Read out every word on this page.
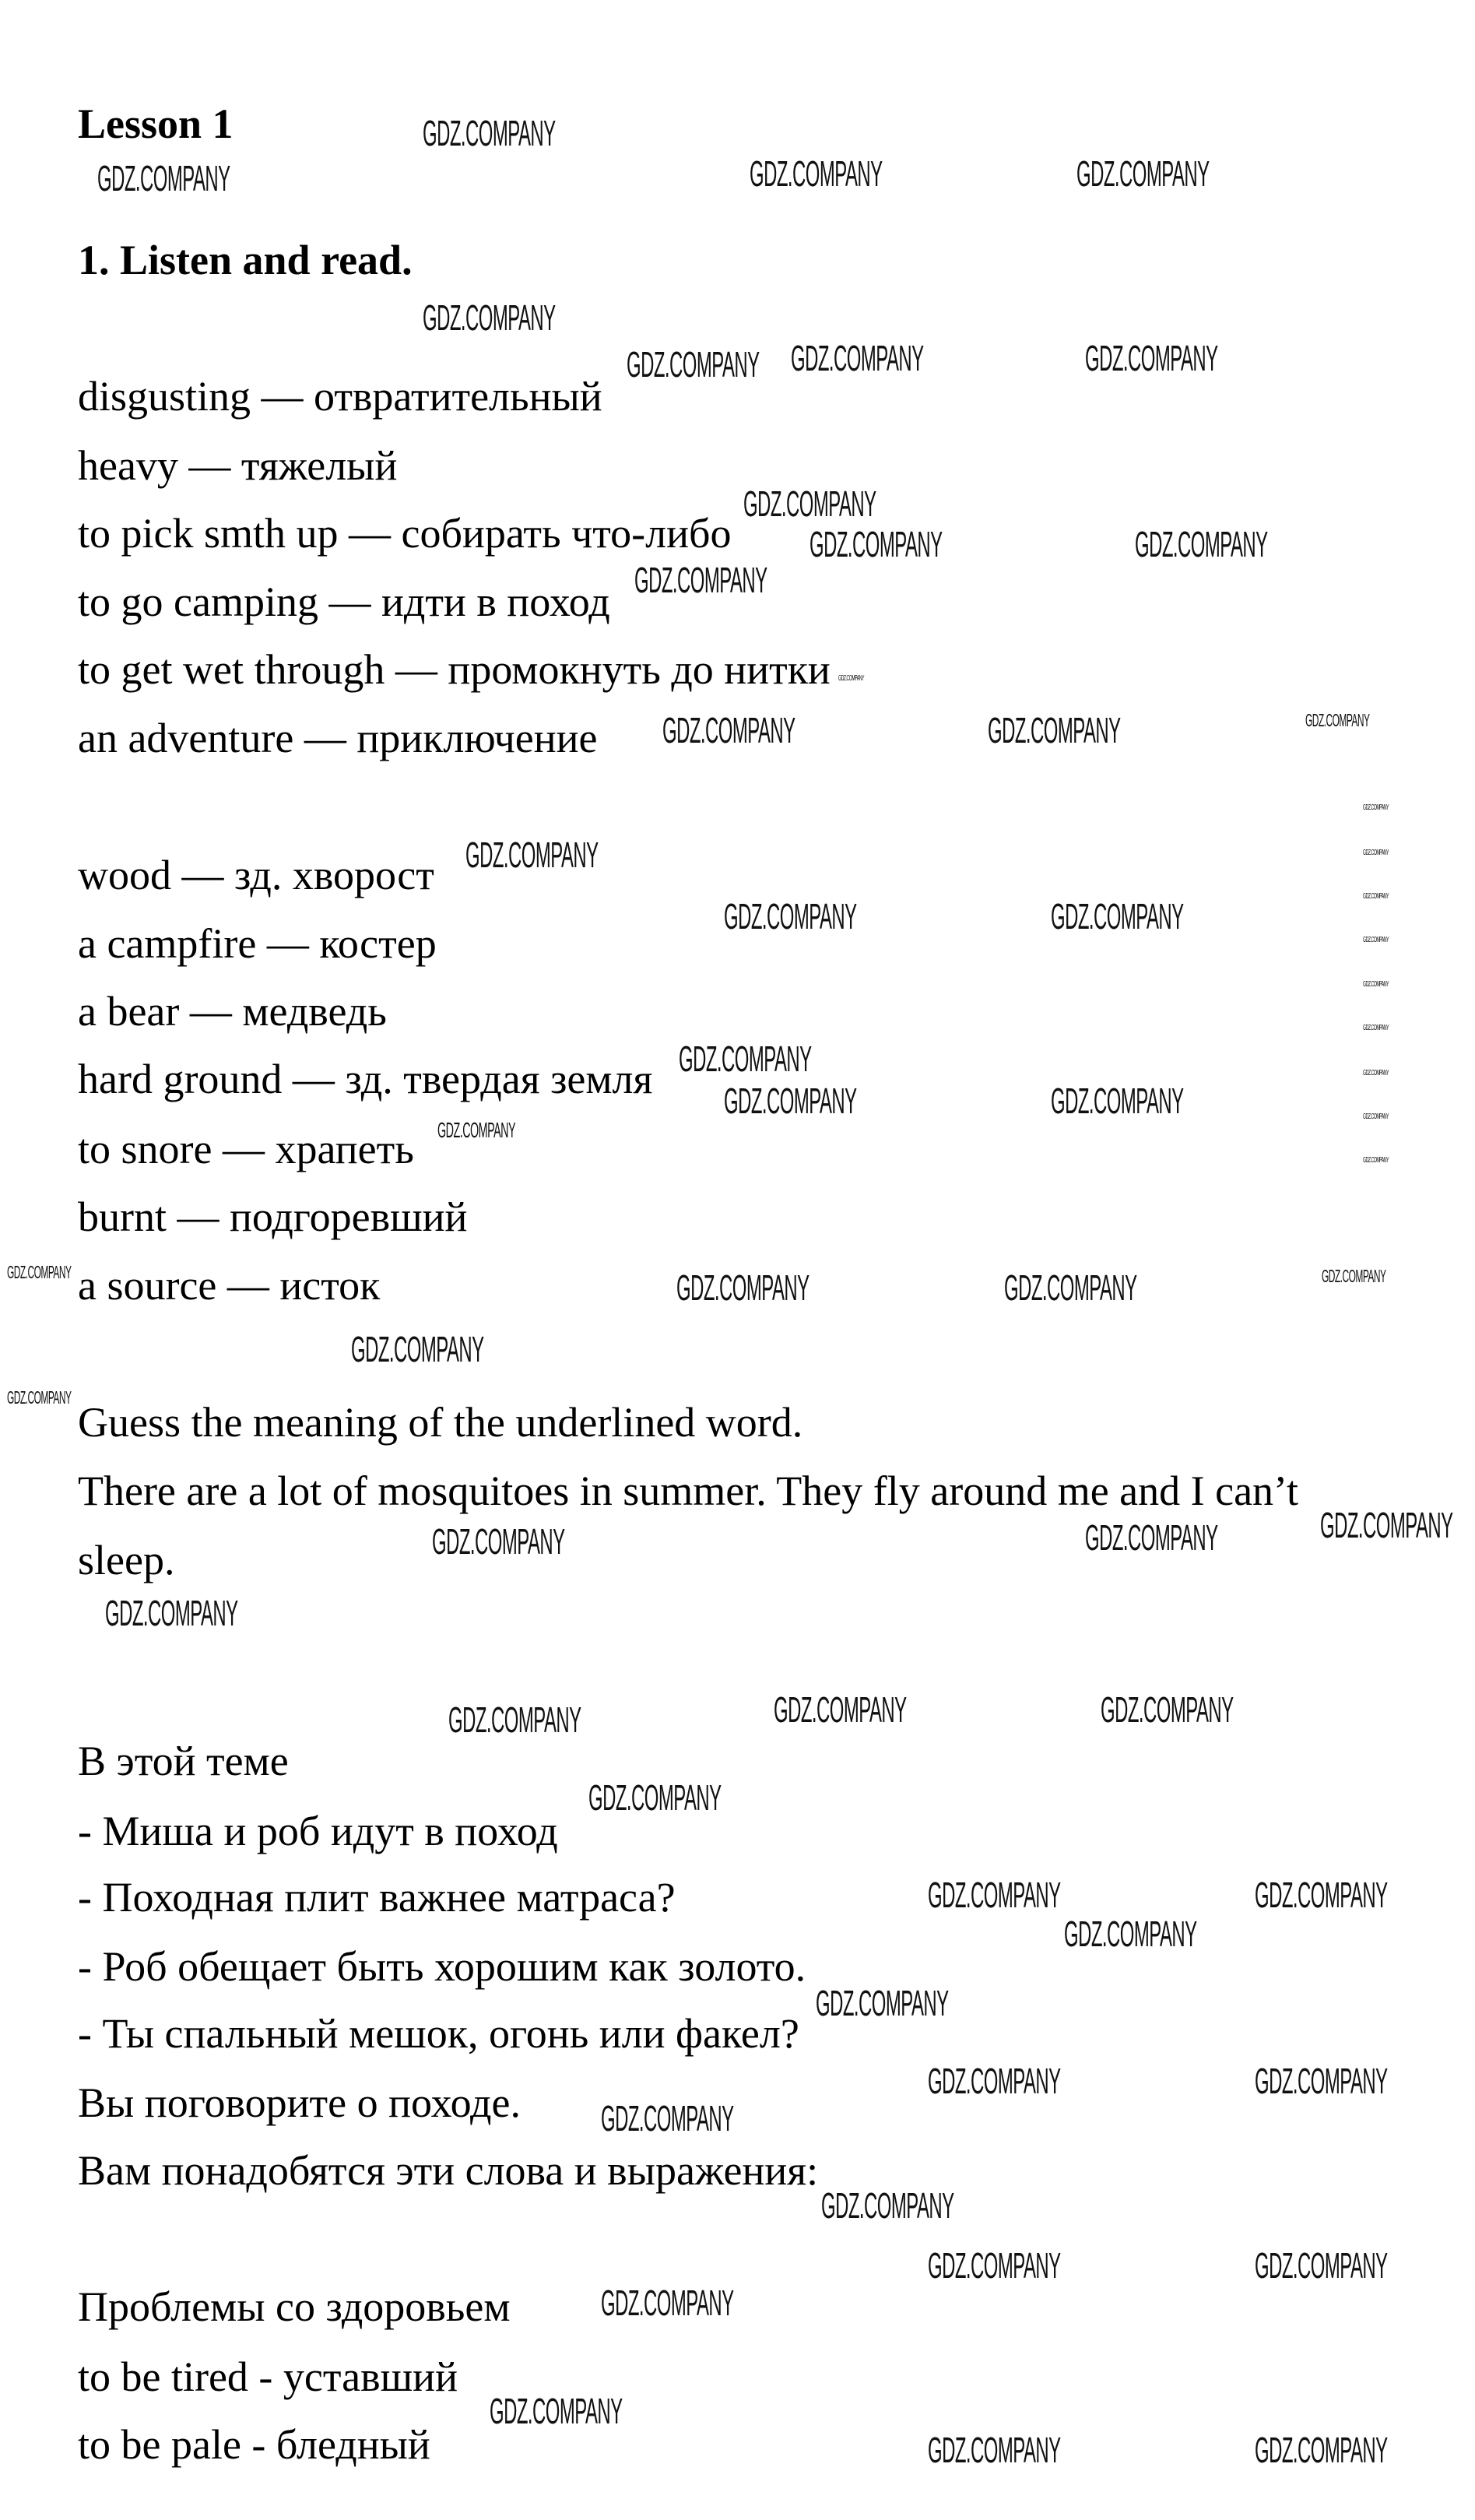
Lesson 1
1. Listen and read.
disgusting — отвратительный
heavy — тяжелый
to pick smth up — собирать что-либо
to go camping — идти в поход
to get wet through — промокнуть до нитки
an adventure — приключение
wood — зд. хворост
a campfire — костер
a bear — медведь
hard ground — зд. твердая земля
to snore — храпеть
burnt — подгоревший
a source — исток
Guess the meaning of the underlined word.
There are a lot of mosquitoes in summer. They fly around me and I can’t
sleep.
В этой теме
- Миша и роб идут в поход
- Походная плит важнее матраса?
- Роб обещает быть хорошим как золото.
- Ты спальный мешок, огонь или факел?
Вы поговорите о походе.
Вам понадобятся эти слова и выражения:
Проблемы со здоровьем
to be tired - уставший
to be pale - бледный
GDZ.COMPANY
GDZ.COMPANY	GDZ.COMPANY	GDZ.COMPANY
GDZ.COMPANY
GDZ.COMPANY GDZ.COMPANY	GDZ.COMPANY
GDZ.COMPANY
GDZ.COMPANY	GDZ.COMPANY
GDZ.COMPANY
GDZ.COMPANY	GDZ.COMPANY
GDZ.COMPANY
GDZ.COMPANY	GDZ.COMPANY
GDZ.COMPANY
GDZ.COMPANY	GDZ.COMPANY
GDZ.COMPANY	GDZ.COMPANY
GDZ.COMPANY
GDZ.COMPANY	GDZ.COMPANY
GDZ.COMPANY
GDZ.COMPANY
GDZ.COMPANY	GDZ.COMPANY	GDZ.COMPANY
GDZ.COMPANY
GDZ.COMPANY	GDZ.COMPANY
GDZ.COMPANY
GDZ.COMPANY
GDZ.COMPANY	GDZ.COMPANY
GDZ.COMPANY
GDZ.COMPANY
GDZ.COMPANY	GDZ.COMPANY
GDZ.COMPANY
GDZ.COMPANY
GDZ.COMPANY	GDZ.COMPANY
GDZ.COMPANY
GDZ.COMPANY
GDZ.COMPANY
GDZ.COMPANY	GDZ.COMPANY
GDZ.COMPANY
GDZ.COMPANY
GDZ.COMPANY
GDZ.COMPANY
GDZ.COMPANY
GDZ.COMPANY
GDZ.COMPANY
GDZ.COMPANY
GDZ.COMPANY
GDZ.COMPANY
